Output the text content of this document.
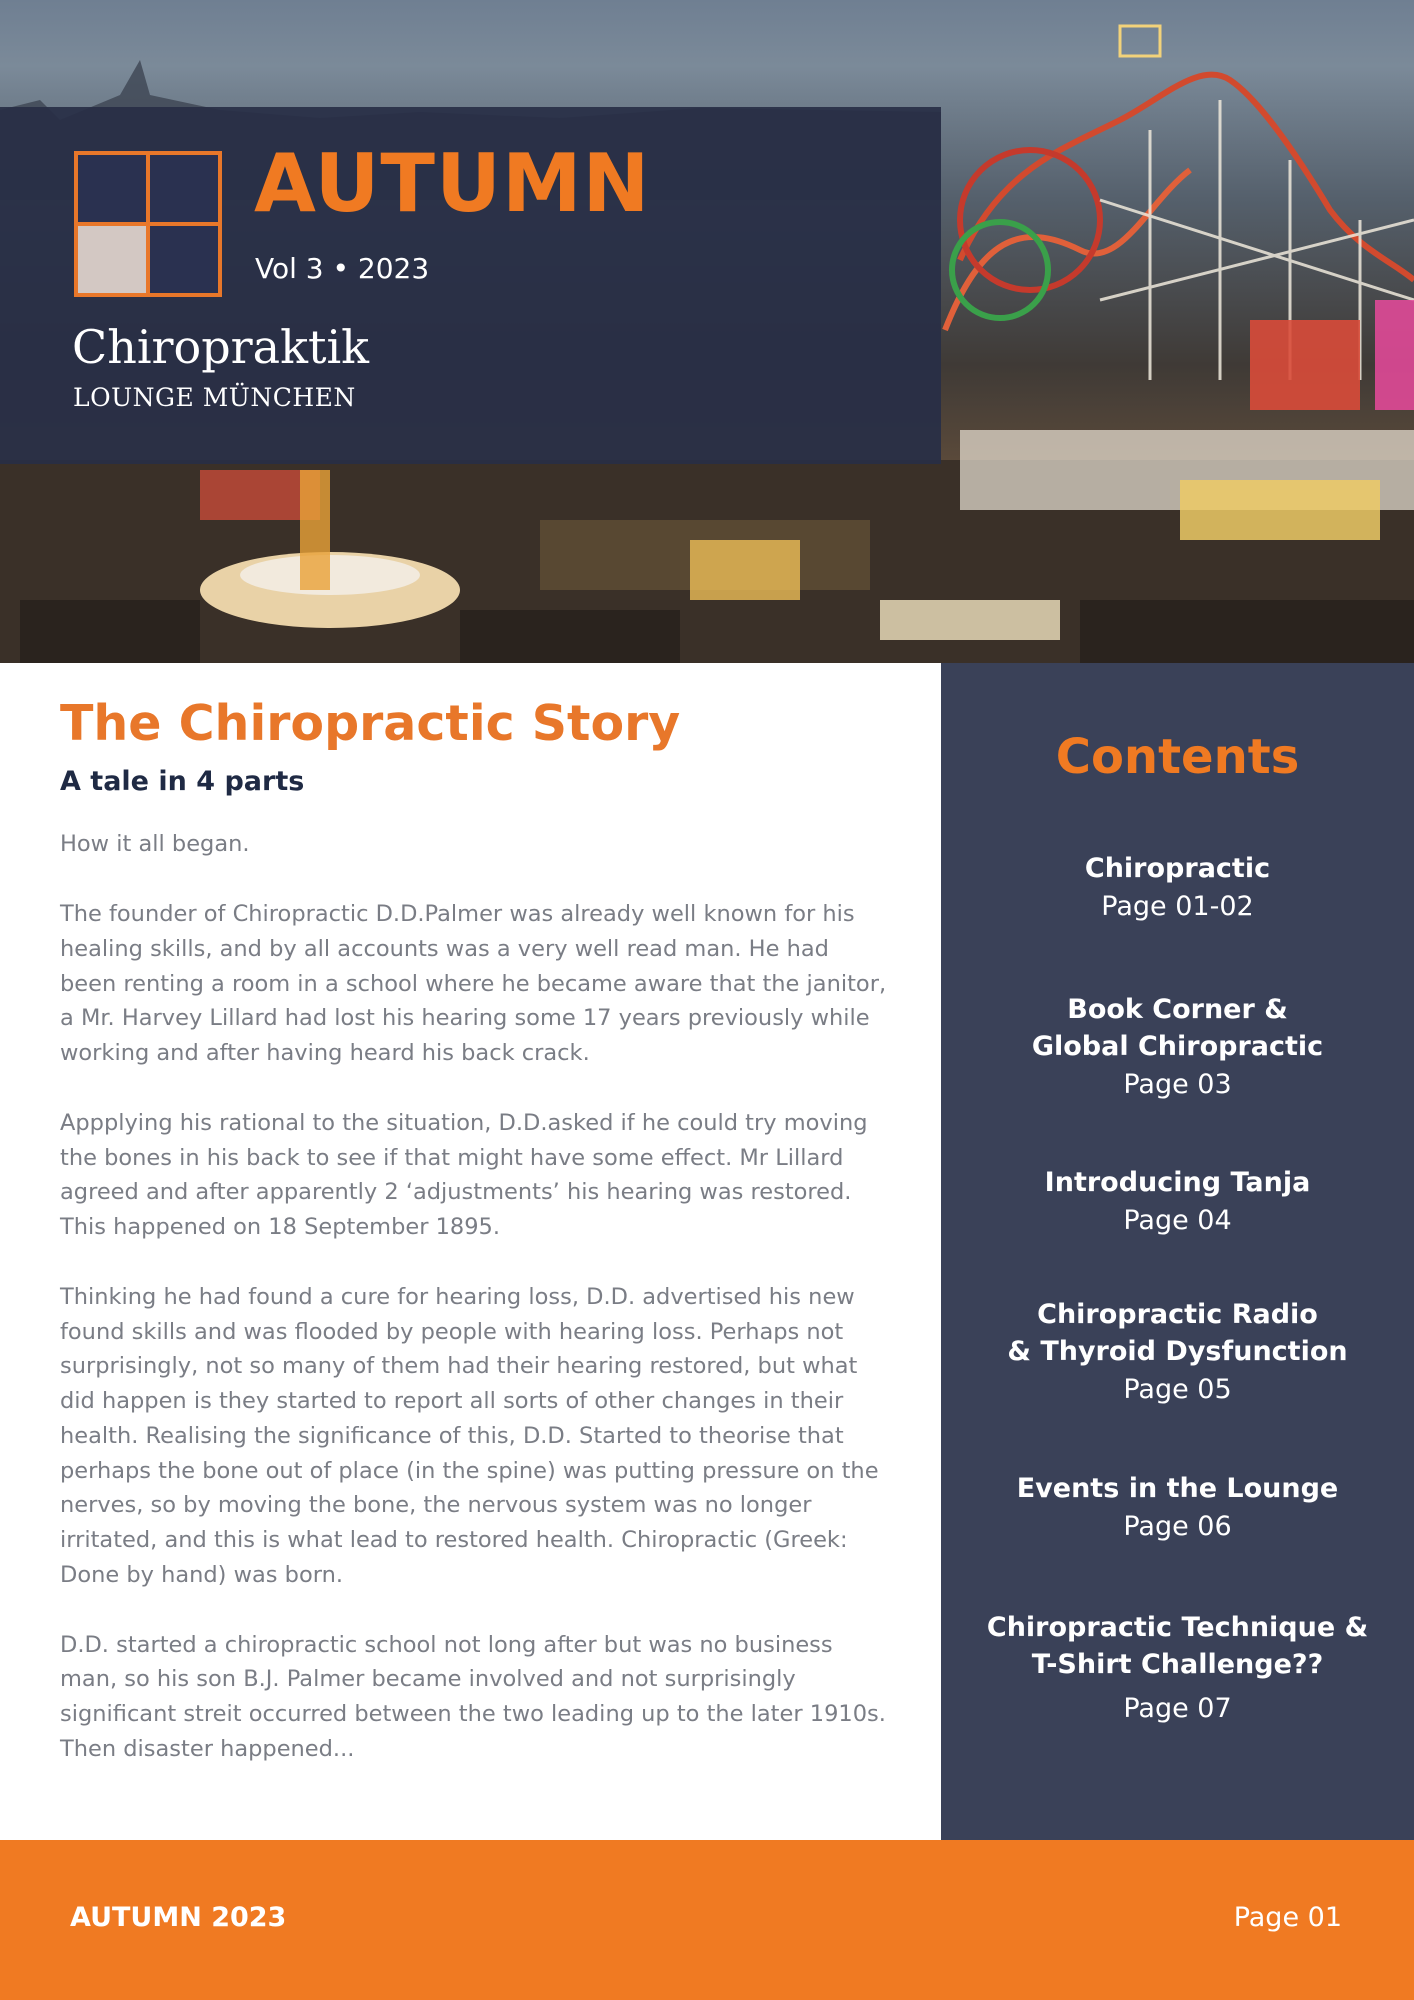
AUTUMN
Vol 3 • 2023
Chiropraktik
LOUNGE MÜNCHEN
The Chiropractic Story
A tale in 4 parts

How it all began.

The founder of Chiropractic D.D.Palmer was already well known for his healing skills, and by all accounts was a very well read man. He had been renting a room in a school where he became aware that the janitor, a Mr. Harvey Lillard had lost his hearing some 17 years previously while working and after having heard his back crack.

Appplying his rational to the situation, D.D.asked if he could try moving the bones in his back to see if that might have some effect. Mr Lillard agreed and after apparently 2 ‘adjustments’ his hearing was restored. This happened on 18 September 1895.

Thinking he had found a cure for hearing loss, D.D. advertised his new found skills and was flooded by people with hearing loss. Perhaps not surprisingly, not so many of them had their hearing restored, but what did happen is they started to report all sorts of other changes in their health. Realising the significance of this, D.D. Started to theorise that perhaps the bone out of place (in the spine) was putting pressure on the nerves, so by moving the bone, the nervous system was no longer irritated, and this is what lead to restored health. Chiropractic (Greek: Done by hand) was born.

D.D. started a chiropractic school not long after but was no business man, so his son B.J. Palmer became involved and not surprisingly significant streit occurred between the two leading up to the later 1910s. Then disaster happened...

Contents
Chiropractic
Page 01-02
Book Corner &
Global Chiropractic
Page 03
Introducing Tanja
Page 04
Chiropractic Radio
& Thyroid Dysfunction
Page 05
Events in the Lounge
Page 06
Chiropractic Technique &
T-Shirt Challenge??
Page 07
AUTUMN 2023	Page 01
